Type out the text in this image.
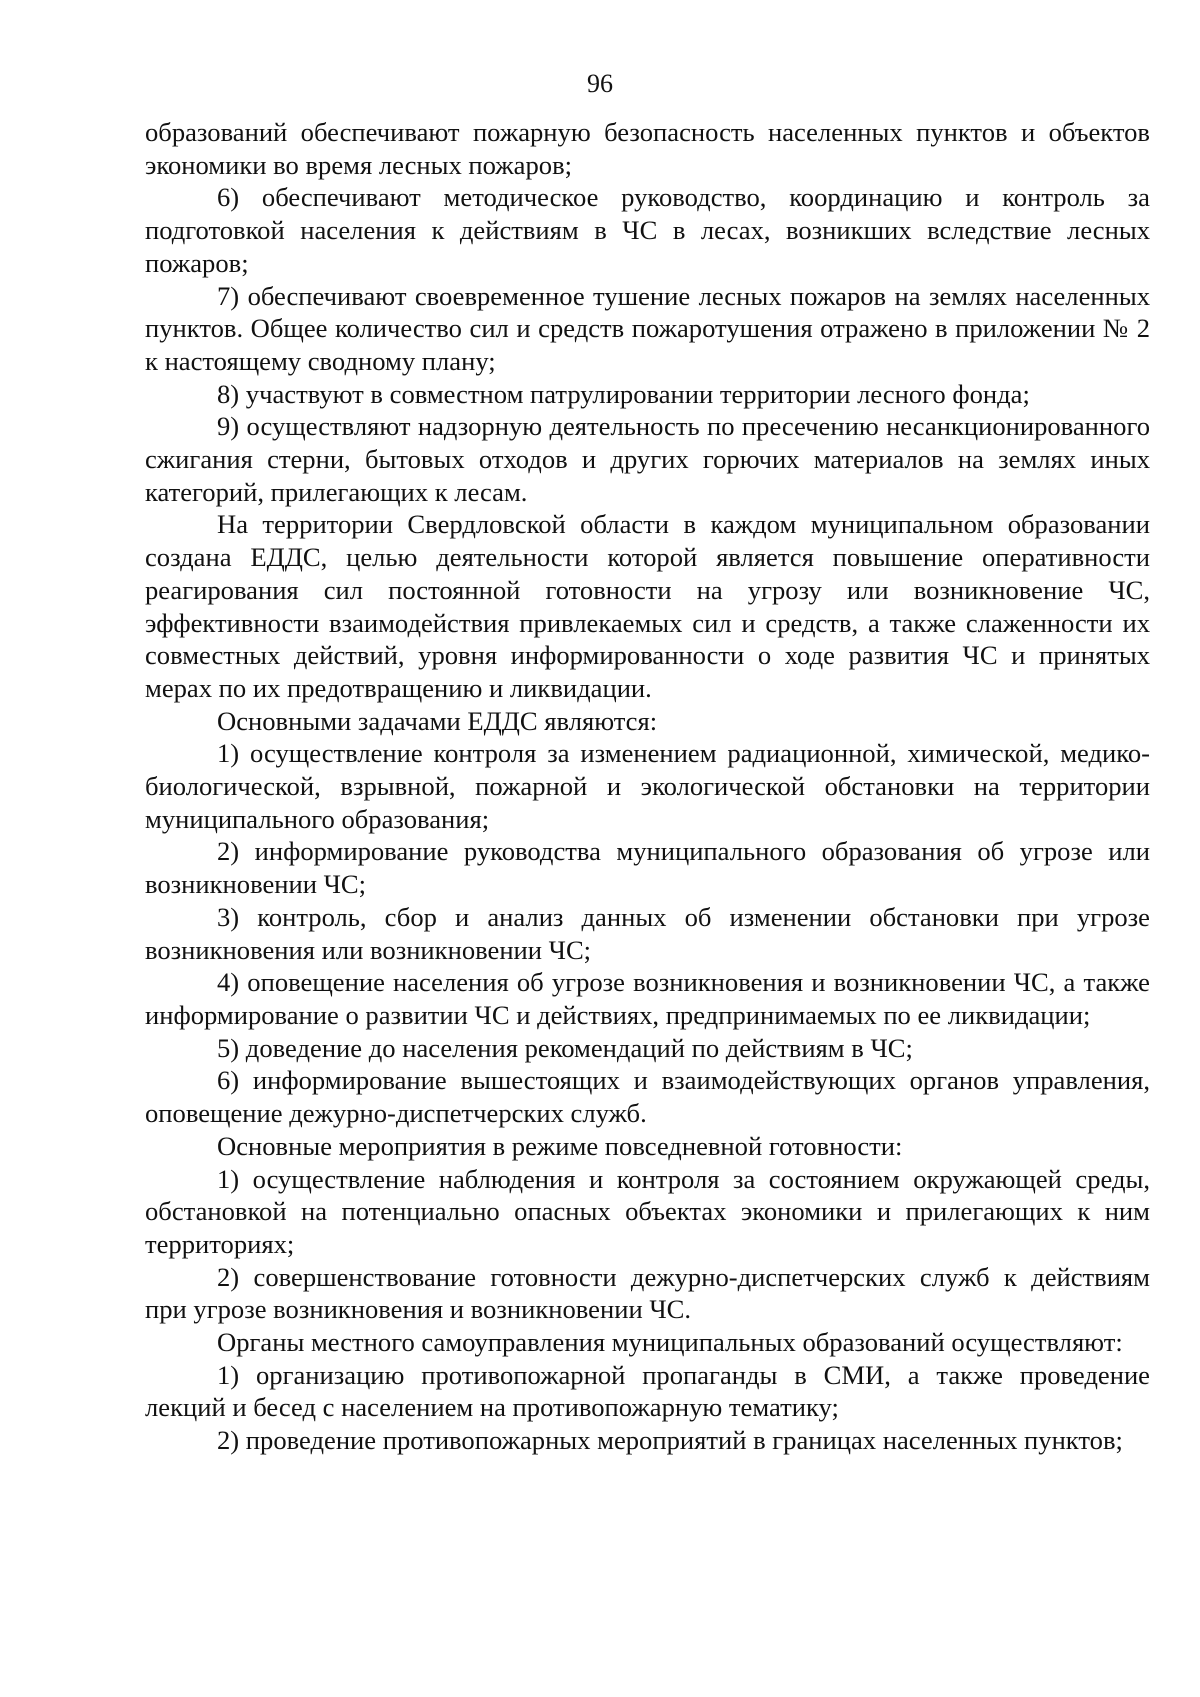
96

образований обеспечивают пожарную безопасность населенных пунктов и объектов экономики во время лесных пожаров;

6) обеспечивают методическое руководство, координацию и контроль за подготовкой населения к действиям в ЧС в лесах, возникших вследствие лесных пожаров;

7) обеспечивают своевременное тушение лесных пожаров на землях населенных пунктов. Общее количество сил и средств пожаротушения отражено в приложении № 2 к настоящему сводному плану;

8) участвуют в совместном патрулировании территории лесного фонда;

9) осуществляют надзорную деятельность по пресечению несанкционированного сжигания стерни, бытовых отходов и других горючих материалов на землях иных категорий, прилегающих к лесам.

На территории Свердловской области в каждом муниципальном образовании создана ЕДДС, целью деятельности которой является повышение оперативности реагирования сил постоянной готовности на угрозу или возникновение ЧС, эффективности взаимодействия привлекаемых сил и средств, а также слаженности их совместных действий, уровня информированности о ходе развития ЧС и принятых мерах по их предотвращению и ликвидации.

Основными задачами ЕДДС являются:

1) осуществление контроля за изменением радиационной, химической, медико-биологической, взрывной, пожарной и экологической обстановки на территории муниципального образования;

2) информирование руководства муниципального образования об угрозе или возникновении ЧС;

3) контроль, сбор и анализ данных об изменении обстановки при угрозе возникновения или возникновении ЧС;

4) оповещение населения об угрозе возникновения и возникновении ЧС, а также информирование о развитии ЧС и действиях, предпринимаемых по ее ликвидации;

5) доведение до населения рекомендаций по действиям в ЧС;

6) информирование вышестоящих и взаимодействующих органов управления, оповещение дежурно-диспетчерских служб.

Основные мероприятия в режиме повседневной готовности:

1) осуществление наблюдения и контроля за состоянием окружающей среды, обстановкой на потенциально опасных объектах экономики и прилегающих к ним территориях;

2) совершенствование готовности дежурно-диспетчерских служб к действиям при угрозе возникновения и возникновении ЧС.

Органы местного самоуправления муниципальных образований осуществляют:

1) организацию противопожарной пропаганды в СМИ, а также проведение лекций и бесед с населением на противопожарную тематику;

2) проведение противопожарных мероприятий в границах населенных пунктов;
